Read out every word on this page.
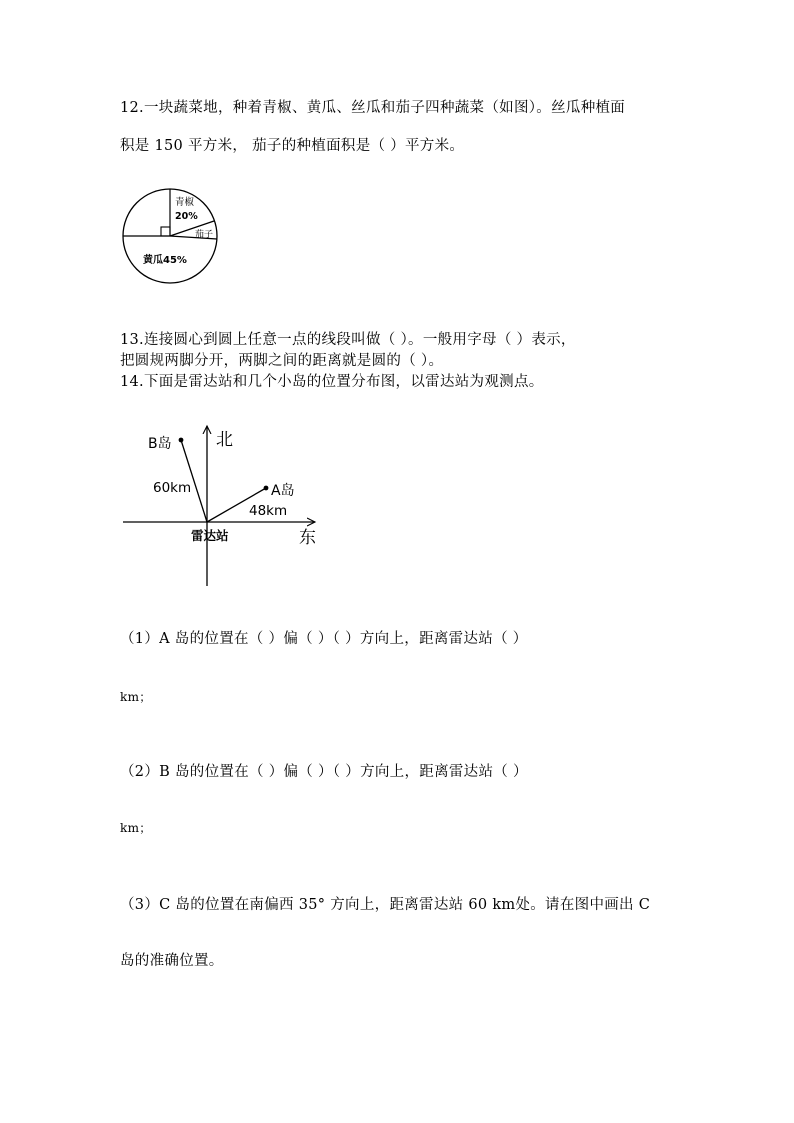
12.一块蔬菜地，种着青椒、黄瓜、丝瓜和茄子四种蔬菜（如图）。丝瓜种植面
积是 150 平方米， 茄子的种植面积是（ ）平方米。
青椒
20%
茄子
黄瓜45%
13.连接圆心到圆上任意一点的线段叫做（ ）。一般用字母（ ）表示，
把圆规两脚分开，两脚之间的距离就是圆的（ ）。
14.下面是雷达站和几个小岛的位置分布图，以雷达站为观测点。
北
东
B岛
A岛
60km
48km
雷达站
（1）A 岛的位置在（ ）偏（ ）（ ）方向上，距离雷达站（ ）
km；
（2）B 岛的位置在（ ）偏（ ）（ ）方向上，距离雷达站（ ）
km；
（3）C 岛的位置在南偏西 35° 方向上，距离雷达站 60 km处。请在图中画出 C
岛的准确位置。
